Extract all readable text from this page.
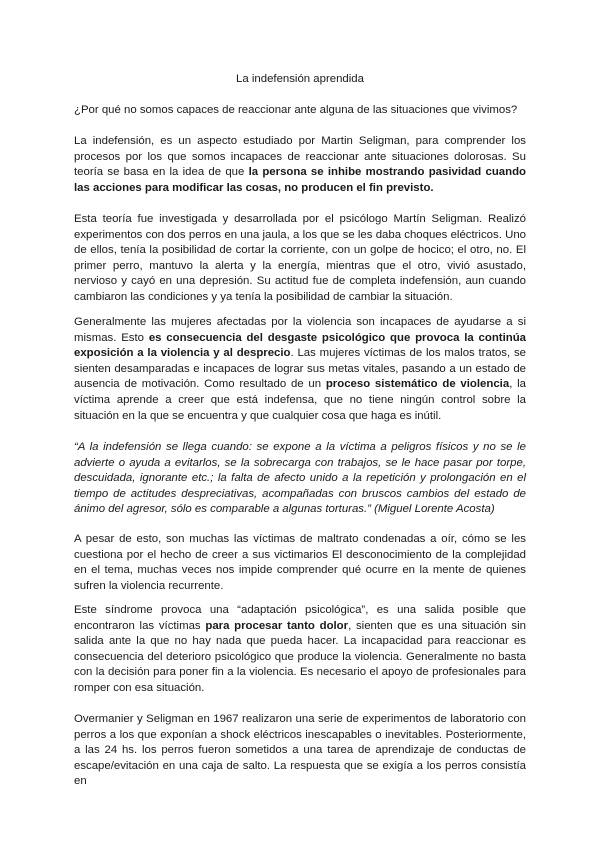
La indefensión aprendida

¿Por qué no somos capaces de reaccionar ante alguna de las situaciones que vivimos?

La indefensión, es un aspecto estudiado por Martin Seligman, para comprender los procesos por los que somos incapaces de reaccionar ante situaciones dolorosas. Su teoría se basa en la idea de que la persona se inhibe mostrando pasividad cuando las acciones para modificar las cosas, no producen el fin previsto.

Esta teoría fue investigada y desarrollada por el psicólogo Martín Seligman. Realizó experimentos con dos perros en una jaula, a los que se les daba choques eléctricos. Uno de ellos, tenía la posibilidad de cortar la corriente, con un golpe de hocico; el otro, no. El primer perro, mantuvo la alerta y la energía, mientras que el otro, vivió asustado, nervioso y cayó en una depresión. Su actitud fue de completa indefensión, aun cuando cambiaron las condiciones y ya tenía la posibilidad de cambiar la situación.

Generalmente las mujeres afectadas por la violencia son incapaces de ayudarse a si mismas. Esto es consecuencia del desgaste psicológico que provoca la continúa exposición a la violencia y al desprecio. Las mujeres víctimas de los malos tratos, se sienten desamparadas e incapaces de lograr sus metas vitales, pasando a un estado de ausencia de motivación. Como resultado de un proceso sistemático de violencia, la víctima aprende a creer que está indefensa, que no tiene ningún control sobre la situación en la que se encuentra y que cualquier cosa que haga es inútil.

“A la indefensión se llega cuando: se expone a la víctima a peligros físicos y no se le advierte o ayuda a evitarlos, se la sobrecarga con trabajos, se le hace pasar por torpe, descuidada, ignorante etc.; la falta de afecto unido a la repetición y prolongación en el tiempo de actitudes despreciativas, acompañadas con bruscos cambios del estado de ánimo del agresor, sólo es comparable a algunas torturas.” (Miguel Lorente Acosta)

A pesar de esto, son muchas las víctimas de maltrato condenadas a oír, cómo se les cuestiona por el hecho de creer a sus victimarios El desconocimiento de la complejidad en el tema, muchas veces nos impide comprender qué ocurre en la mente de quienes sufren la violencia recurrente.

Este síndrome provoca una “adaptación psicológica”, es una salida posible que encontraron las víctimas para procesar tanto dolor, sienten que es una situación sin salida ante la que no hay nada que pueda hacer. La incapacidad para reaccionar es consecuencia del deterioro psicológico que produce la violencia. Generalmente no basta con la decisión para poner fin a la violencia. Es necesario el apoyo de profesionales para romper con esa situación.

Overmanier y Seligman en 1967 realizaron una serie de experimentos de laboratorio con perros a los que exponían a shock eléctricos inescapables o inevitables. Posteriormente, a las 24 hs. los perros fueron sometidos a una tarea de aprendizaje de conductas de escape/evitación en una caja de salto. La respuesta que se exigía a los perros consistía en
